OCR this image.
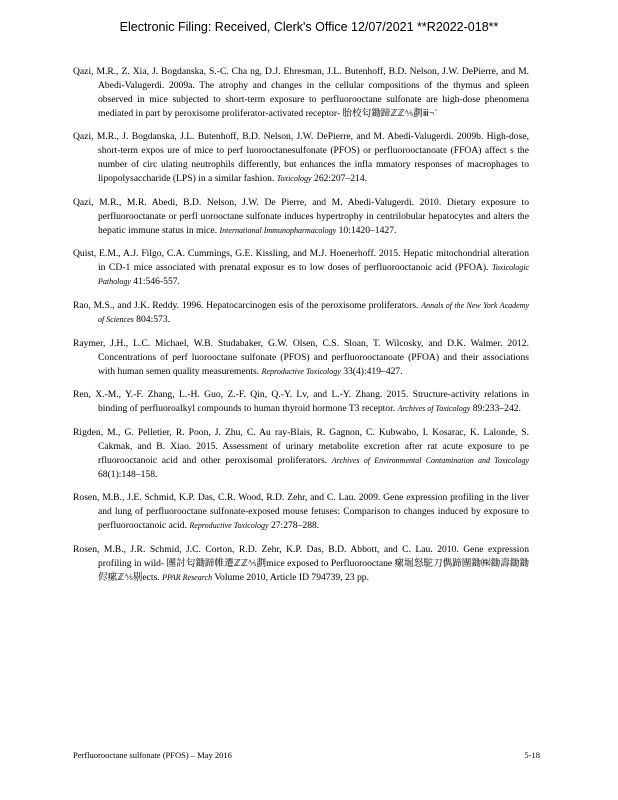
Electronic Filing: Received, Clerk's Office 12/07/2021 **R2022-018**

Qazi, M.R., Z. Xia, J. Bogdanska, S.-C. Cha ng, D.J. Ehresman, J.L. Butenhoff, B.D. Nelson, J.W. DePierre, and M. Abedi-Valugerdi. 2009a. The atrophy and changes in the cellular compositions of the thymus and spleen observed in mice subjected to short-term exposure to perfluorooctane sulfonate are high-dose phenomena mediated in part by peroxisome proliferator-activated receptor- 胎校匂鋤蹄ℤℤ⅍劃ⅲ¬`

Qazi, M.R., J. Bogdanska, J.L. Butenhoff, B.D. Nelson, J.W. DePierre, and M. Abedi-Valugerdi. 2009b. High-dose, short-term expos ure of mice to perf luorooctanesulfonate (PFOS) or perfluorooctanoate (FFOA) affect s the number of circ ulating neutrophils differently, but enhances the infla mmatory responses of macrophages to lipopolysaccharide (LPS) in a similar fashion. Toxicology 262:207–214.

Qazi, M.R., M.R. Abedi, B.D. Nelson, J.W. De Pierre, and M. Abedi-Valugerdi. 2010. Dietary exposure to perfluorooctanate or perfl uorooctane sulfonate induces hypertrophy in centrilobular hepatocytes and alters the hepatic immune status in mice. International Immunopharmacology 10:1420–1427.

Quist, E.M., A.J. Filgo, C.A. Cummings, G.E. Kissling, and M.J. Hoenerhoff. 2015. Hepatic mitochondrial alteration in CD-1 mice associated with prenatal exposur es to low doses of perfluorooctanoic acid (PFOA). Toxicologic Pathology 41:546-557.

Rao, M.S., and J.K. Reddy. 1996. Hepatocarcinogen esis of the peroxisome proliferators. Annals of the New York Academy of Sciences 804:573.

Raymer, J.H., L.C. Michael, W.B. Studabaker, G.W. Olsen, C.S. Sloan, T. Wilcosky, and D.K. Walmer. 2012. Concentrations of perf luorooctane sulfonate (PFOS) and perfluorooctanoate (PFOA) and their associations with human semen quality measurements. Reproductive Toxicology 33(4):419–427.

Ren, X.-M., Y.-F. Zhang, L.-H. Guo, Z.-F. Qin, Q.-Y. Lv, and L.-Y. Zhang. 2015. Structure-activity relations in binding of perfluoroalkyl compounds to human thyroid hormone T3 receptor. Archives of Toxicology 89:233–242.

Rigden, M., G. Pelletier, R. Poon, J. Zhu, C. Au ray-Blais, R. Gagnon, C. Kubwabo, I. Kosarac, K. Lalonde, S. Cakmak, and B. Xiao. 2015. Assessment of urinary metabolite excretion after rat acute exposure to pe rfluorooctanoic acid and other peroxisomal proliferators. Archives of Environmental Contamination and Toxicology 68(1):148–158.

Rosen, M.B., J.E. Schmid, K.P. Das, C.R. Wood, R.D. Zehr, and C. Lau. 2009. Gene expression profiling in the liver and lung of perfluorooctane sulfonate-exposed mouse fetuses: Comparison to changes induced by exposure to perfluorooctanoic acid. Reproductive Toxicology 27:278–288.

Rosen, M.B., J.R. Schmid, J.C. Corton, R.D. Zehr, K.P. Das, B.D. Abbott, and C. Lau. 2010. Gene expression profiling in wild- 團討匂鋤蹄帷遷ℤℤ⅍劃mice exposed to Perfluorooctane 瘰堀怒駝刀儁蹄團鋤㈱鋤壽鋤鋤侭瘰ℤ⅍剔ects. PPAR Research Volume 2010, Article ID 794739, 23 pp.

Perfluorooctane sulfonate (PFOS) – May 2016	5-18
